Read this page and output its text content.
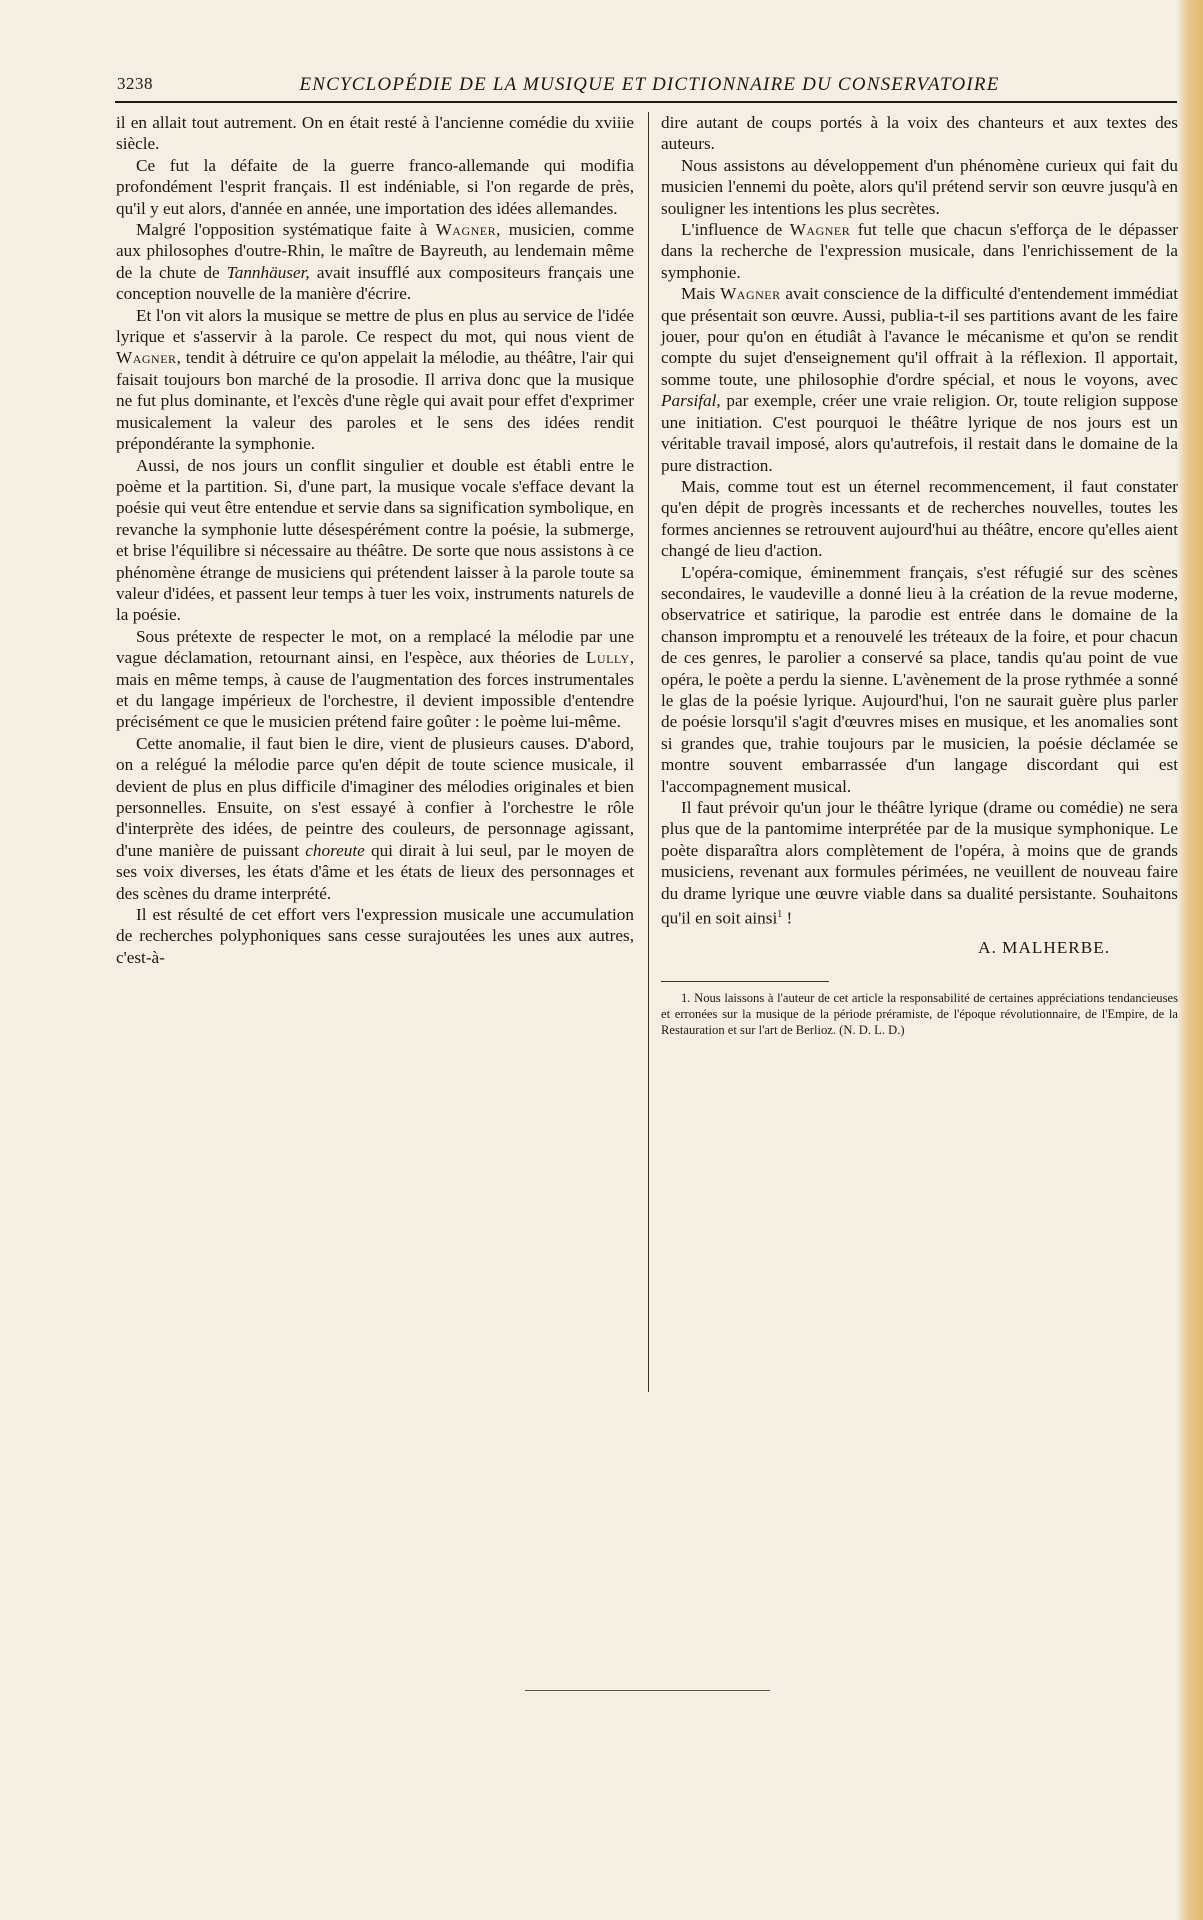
3238	ENCYCLOPÉDIE DE LA MUSIQUE ET DICTIONNAIRE DU CONSERVATOIRE

il en allait tout autrement. On en était resté à l'ancienne comédie du xviiie siècle.

Ce fut la défaite de la guerre franco-allemande qui modifia profondément l'esprit français. Il est indéniable, si l'on regarde de près, qu'il y eut alors, d'année en année, une importation des idées allemandes.

Malgré l'opposition systématique faite à Wagner, musicien, comme aux philosophes d'outre-Rhin, le maître de Bayreuth, au lendemain même de la chute de Tannhäuser, avait insufflé aux compositeurs français une conception nouvelle de la manière d'écrire.

Et l'on vit alors la musique se mettre de plus en plus au service de l'idée lyrique et s'asservir à la parole. Ce respect du mot, qui nous vient de Wagner, tendit à détruire ce qu'on appelait la mélodie, au théâtre, l'air qui faisait toujours bon marché de la prosodie. Il arriva donc que la musique ne fut plus dominante, et l'excès d'une règle qui avait pour effet d'exprimer musicalement la valeur des paroles et le sens des idées rendit prépondérante la symphonie.

Aussi, de nos jours un conflit singulier et double est établi entre le poème et la partition. Si, d'une part, la musique vocale s'efface devant la poésie qui veut être entendue et servie dans sa signification symbolique, en revanche la symphonie lutte désespérément contre la poésie, la submerge, et brise l'équilibre si nécessaire au théâtre. De sorte que nous assistons à ce phénomène étrange de musiciens qui prétendent laisser à la parole toute sa valeur d'idées, et passent leur temps à tuer les voix, instruments naturels de la poésie.

Sous prétexte de respecter le mot, on a remplacé la mélodie par une vague déclamation, retournant ainsi, en l'espèce, aux théories de Lully, mais en même temps, à cause de l'augmentation des forces instrumentales et du langage impérieux de l'orchestre, il devient impossible d'entendre précisément ce que le musicien prétend faire goûter : le poème lui-même.

Cette anomalie, il faut bien le dire, vient de plusieurs causes. D'abord, on a relégué la mélodie parce qu'en dépit de toute science musicale, il devient de plus en plus difficile d'imaginer des mélodies originales et bien personnelles. Ensuite, on s'est essayé à confier à l'orchestre le rôle d'interprète des idées, de peintre des couleurs, de personnage agissant, d'une manière de puissant choreute qui dirait à lui seul, par le moyen de ses voix diverses, les états d'âme et les états de lieux des personnages et des scènes du drame interprété.

Il est résulté de cet effort vers l'expression musicale une accumulation de recherches polyphoniques sans cesse surajoutées les unes aux autres, c'est-à-

dire autant de coups portés à la voix des chanteurs et aux textes des auteurs.

Nous assistons au développement d'un phénomène curieux qui fait du musicien l'ennemi du poète, alors qu'il prétend servir son œuvre jusqu'à en souligner les intentions les plus secrètes.

L'influence de Wagner fut telle que chacun s'efforça de le dépasser dans la recherche de l'expression musicale, dans l'enrichissement de la symphonie.

Mais Wagner avait conscience de la difficulté d'entendement immédiat que présentait son œuvre. Aussi, publia-t-il ses partitions avant de les faire jouer, pour qu'on en étudiât à l'avance le mécanisme et qu'on se rendit compte du sujet d'enseignement qu'il offrait à la réflexion. Il apportait, somme toute, une philosophie d'ordre spécial, et nous le voyons, avec Parsifal, par exemple, créer une vraie religion. Or, toute religion suppose une initiation. C'est pourquoi le théâtre lyrique de nos jours est un véritable travail imposé, alors qu'autrefois, il restait dans le domaine de la pure distraction.

Mais, comme tout est un éternel recommencement, il faut constater qu'en dépit de progrès incessants et de recherches nouvelles, toutes les formes anciennes se retrouvent aujourd'hui au théâtre, encore qu'elles aient changé de lieu d'action.

L'opéra-comique, éminemment français, s'est réfugié sur des scènes secondaires, le vaudeville a donné lieu à la création de la revue moderne, observatrice et satirique, la parodie est entrée dans le domaine de la chanson impromptu et a renouvelé les tréteaux de la foire, et pour chacun de ces genres, le parolier a conservé sa place, tandis qu'au point de vue opéra, le poète a perdu la sienne. L'avènement de la prose rythmée a sonné le glas de la poésie lyrique. Aujourd'hui, l'on ne saurait guère plus parler de poésie lorsqu'il s'agit d'œuvres mises en musique, et les anomalies sont si grandes que, trahie toujours par le musicien, la poésie déclamée se montre souvent embarrassée d'un langage discordant qui est l'accompagnement musical.

Il faut prévoir qu'un jour le théâtre lyrique (drame ou comédie) ne sera plus que de la pantomime interprétée par de la musique symphonique. Le poète disparaîtra alors complètement de l'opéra, à moins que de grands musiciens, revenant aux formules périmées, ne veuillent de nouveau faire du drame lyrique une œuvre viable dans sa dualité persistante. Souhaitons qu'il en soit ainsi$^1$ !

A. MALHERBE.

1. Nous laissons à l'auteur de cet article la responsabilité de certaines appréciations tendancieuses et erronées sur la musique de la période préramiste, de l'époque révolutionnaire, de l'Empire, de la Restauration et sur l'art de Berlioz. (N. D. L. D.)
